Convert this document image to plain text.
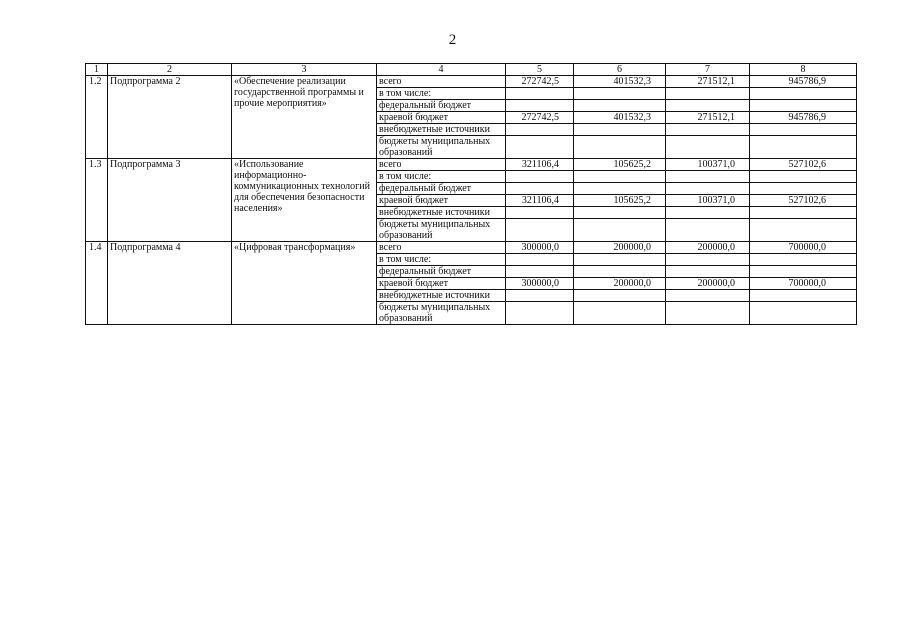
2
1	2	3	4	5	6	7	8
1.2	Подпрограмма 2	«Обеспечение реализации государственной программы и прочие мероприятия»	всего	272742,5	401532,3	271512,1	945786,9
			в том числе:				
			федеральный бюджет				
			краевой бюджет	272742,5	401532,3	271512,1	945786,9
			внебюджетные источники				
			бюджеты муниципальных образований				
1.3	Подпрограмма 3	«Использование информационно-коммуникационных технологий для обеспечения безопасности населения»	всего	321106,4	105625,2	100371,0	527102,6
			в том числе:				
			федеральный бюджет				
			краевой бюджет	321106,4	105625,2	100371,0	527102,6
			внебюджетные источники				
			бюджеты муниципальных образований				
1.4	Подпрограмма 4	«Цифровая трансформация»	всего	300000,0	200000,0	200000,0	700000,0
			в том числе:				
			федеральный бюджет				
			краевой бюджет	300000,0	200000,0	200000,0	700000,0
			внебюджетные источники				
			бюджеты муниципальных образований				
